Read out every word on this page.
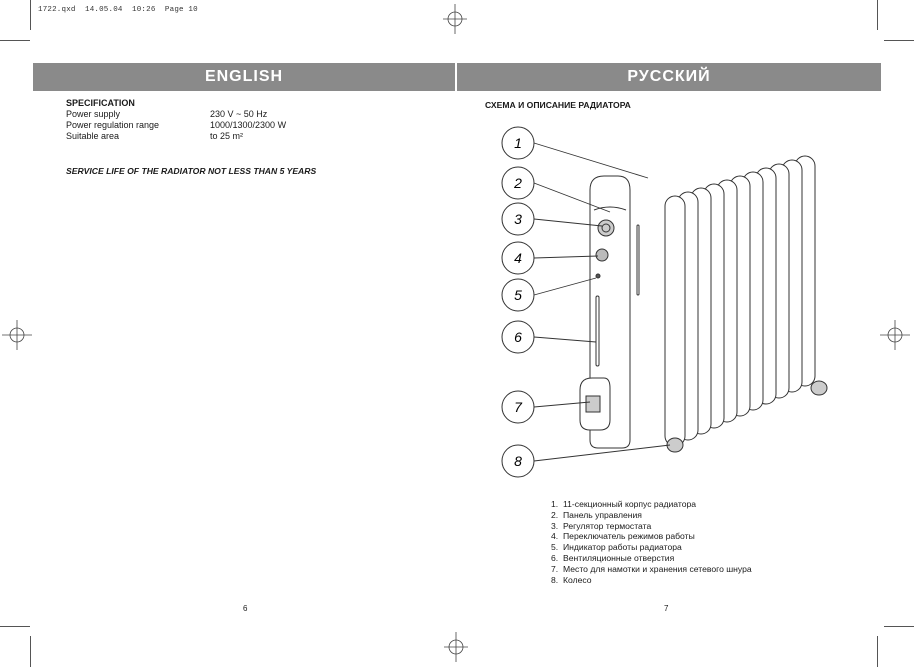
1722.qxd  14.05.04  10:26  Page 10
ENGLISH
SPECIFICATION
Power supply	230 V ~ 50 Hz
Power regulation range	1000/1300/2300 W
Suitable area	to 25 m²
SERVICE LIFE OF THE RADIATOR NOT LESS THAN 5 YEARS
6
РУССКИЙ
СХЕМА И ОПИСАНИЕ РАДИАТОРА
1
2
3
4
5
6
7
8
1. 11-секционный корпус радиатора
2. Панель управления
3. Регулятор термостата
4. Переключатель режимов работы
5. Индикатор работы радиатора
6. Вентиляционные отверстия
7. Место для намотки и хранения сетевого шнура
8. Колесо
7
